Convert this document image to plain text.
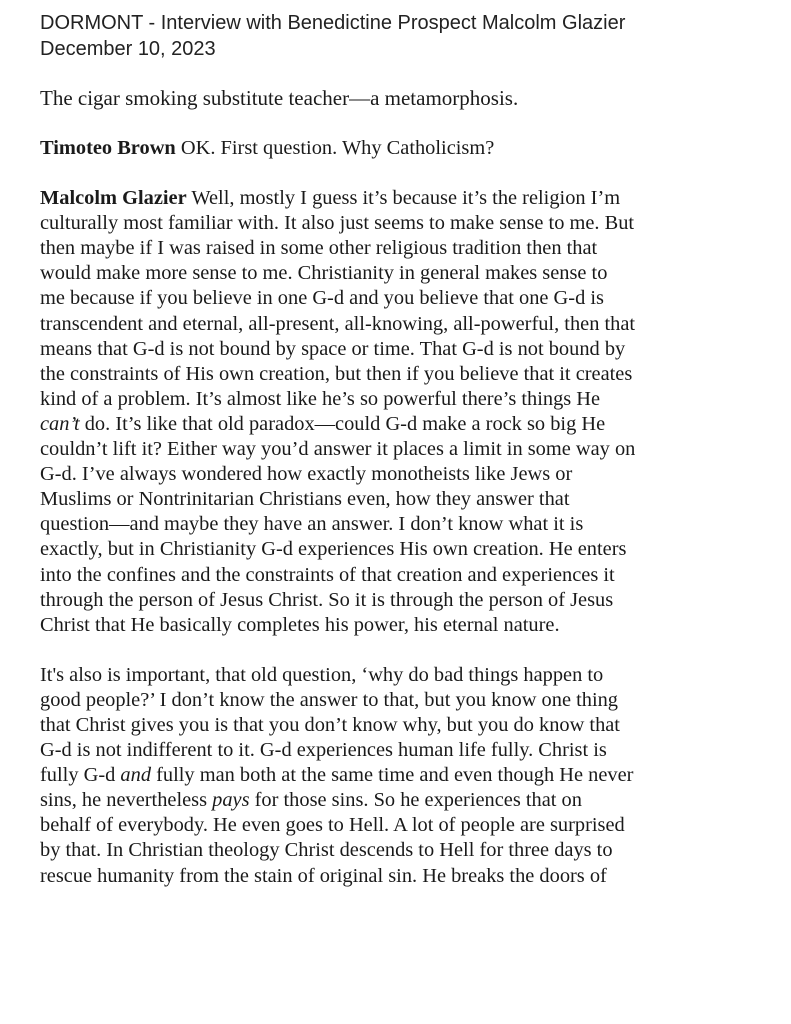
DORMONT - Interview with Benedictine Prospect Malcolm Glazier
December 10, 2023

The cigar smoking substitute teacher—a metamorphosis.

Timoteo Brown OK. First question. Why Catholicism?

Malcolm Glazier Well, mostly I guess it’s because it’s the religion I’m
culturally most familiar with. It also just seems to make sense to me. But
then maybe if I was raised in some other religious tradition then that
would make more sense to me. Christianity in general makes sense to
me because if you believe in one G-d and you believe that one G-d is
transcendent and eternal, all-present, all-knowing, all-powerful, then that
means that G-d is not bound by space or time. That G-d is not bound by
the constraints of His own creation, but then if you believe that it creates
kind of a problem. It’s almost like he’s so powerful there’s things He
can’t do. It’s like that old paradox—could G-d make a rock so big He
couldn’t lift it? Either way you’d answer it places a limit in some way on
G-d. I’ve always wondered how exactly monotheists like Jews or
Muslims or Nontrinitarian Christians even, how they answer that
question—and maybe they have an answer. I don’t know what it is
exactly, but in Christianity G-d experiences His own creation. He enters
into the confines and the constraints of that creation and experiences it
through the person of Jesus Christ. So it is through the person of Jesus
Christ that He basically completes his power, his eternal nature.

It's also is important, that old question, ‘why do bad things happen to
good people?’ I don’t know the answer to that, but you know one thing
that Christ gives you is that you don’t know why, but you do know that
G-d is not indifferent to it. G-d experiences human life fully. Christ is
fully G-d and fully man both at the same time and even though He never
sins, he nevertheless pays for those sins. So he experiences that on
behalf of everybody. He even goes to Hell. A lot of people are surprised
by that. In Christian theology Christ descends to Hell for three days to
rescue humanity from the stain of original sin. He breaks the doors of
